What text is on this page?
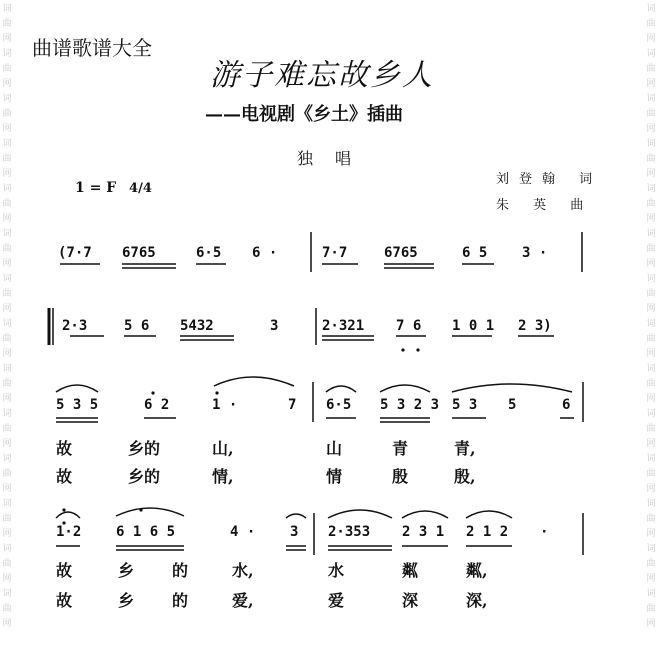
词
曲
网
词
曲
网
词
曲
网
词
曲
网
词
曲
网
词
曲
网
词
曲
网
词
曲
网
词
曲
网
词
曲
网
词
曲
网
词
曲
网
词
曲
网
词
曲
网
词
曲
网
词
曲
网
词
曲
网
词
曲
网
词
曲
网
词
曲
网
词
曲
网
词
曲
网
词
曲
网
词
曲
网
词
曲
网
词
曲
网
词
曲
网
词
曲
网
曲谱歌谱大全
游子难忘故乡人
——电视剧《乡土》插曲
独唱
1 = F 4/4
刘登翰 词
朱 英 曲
(7·7 6765	6·5 6 ·	7·7	6765	6 5 3 ·
2·3	5 6 5432	3	2·321 7 6 1 0 1 2 3)
5 3 5	6 2	1 ·	7 6·5 5 3 2 3 5 3 5	6
故	乡的	山,	山	青	青,
故	乡的	情,	情	殷	殷,
1·2 6 1 6 5	4 · 3 2·353 2 3 1 2 1 2 ·
故	乡 的	水,	水	粼	粼,
故	乡 的	爱,	爱	深	深,
